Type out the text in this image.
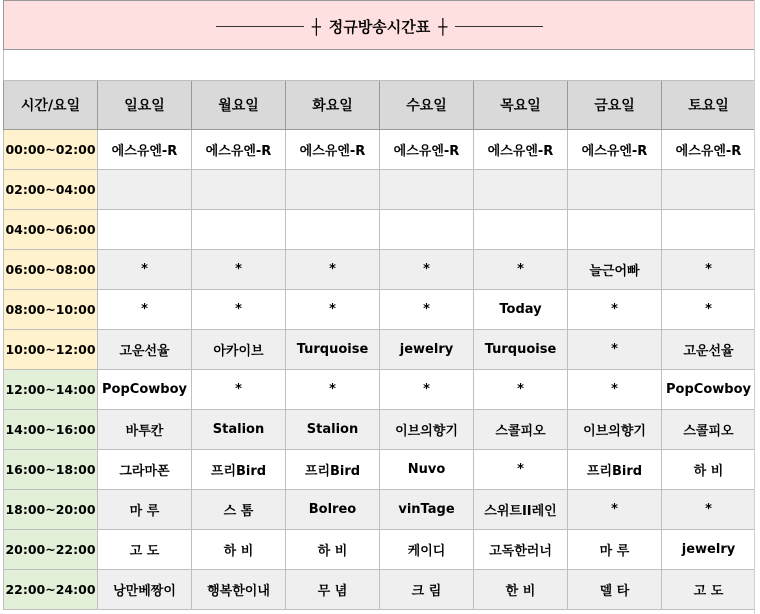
┼ 정규방송시간표 ┼							

시간/요일	일요일	월요일	화요일	수요일	목요일	금요일	토요일
00:00~02:00	에스유엔-R	에스유엔-R	에스유엔-R	에스유엔-R	에스유엔-R	에스유엔-R	에스유엔-R
02:00~04:00							
04:00~06:00							
06:00~08:00	*	*	*	*	*	늘근어빠	*
08:00~10:00	*	*	*	*	Today	*	*
10:00~12:00	고운선율	아카이브	Turquoise	jewelry	Turquoise	*	고운선율
12:00~14:00	PopCowboy	*	*	*	*	*	PopCowboy
14:00~16:00	바투칸	Stalion	Stalion	이브의향기	스콜피오	이브의향기	스콜피오
16:00~18:00	그라마폰	프리Bird	프리Bird	Nuvo	*	프리Bird	하 비
18:00~20:00	마 루	스 톰	Bolreo	vinTage	스위트II레인	*	*
20:00~22:00	고 도	하 비	하 비	케이디	고독한러너	마 루	jewelry
22:00~24:00	낭만베짱이	행복한이내	무 념	크 림	한 비	델 타	고 도
